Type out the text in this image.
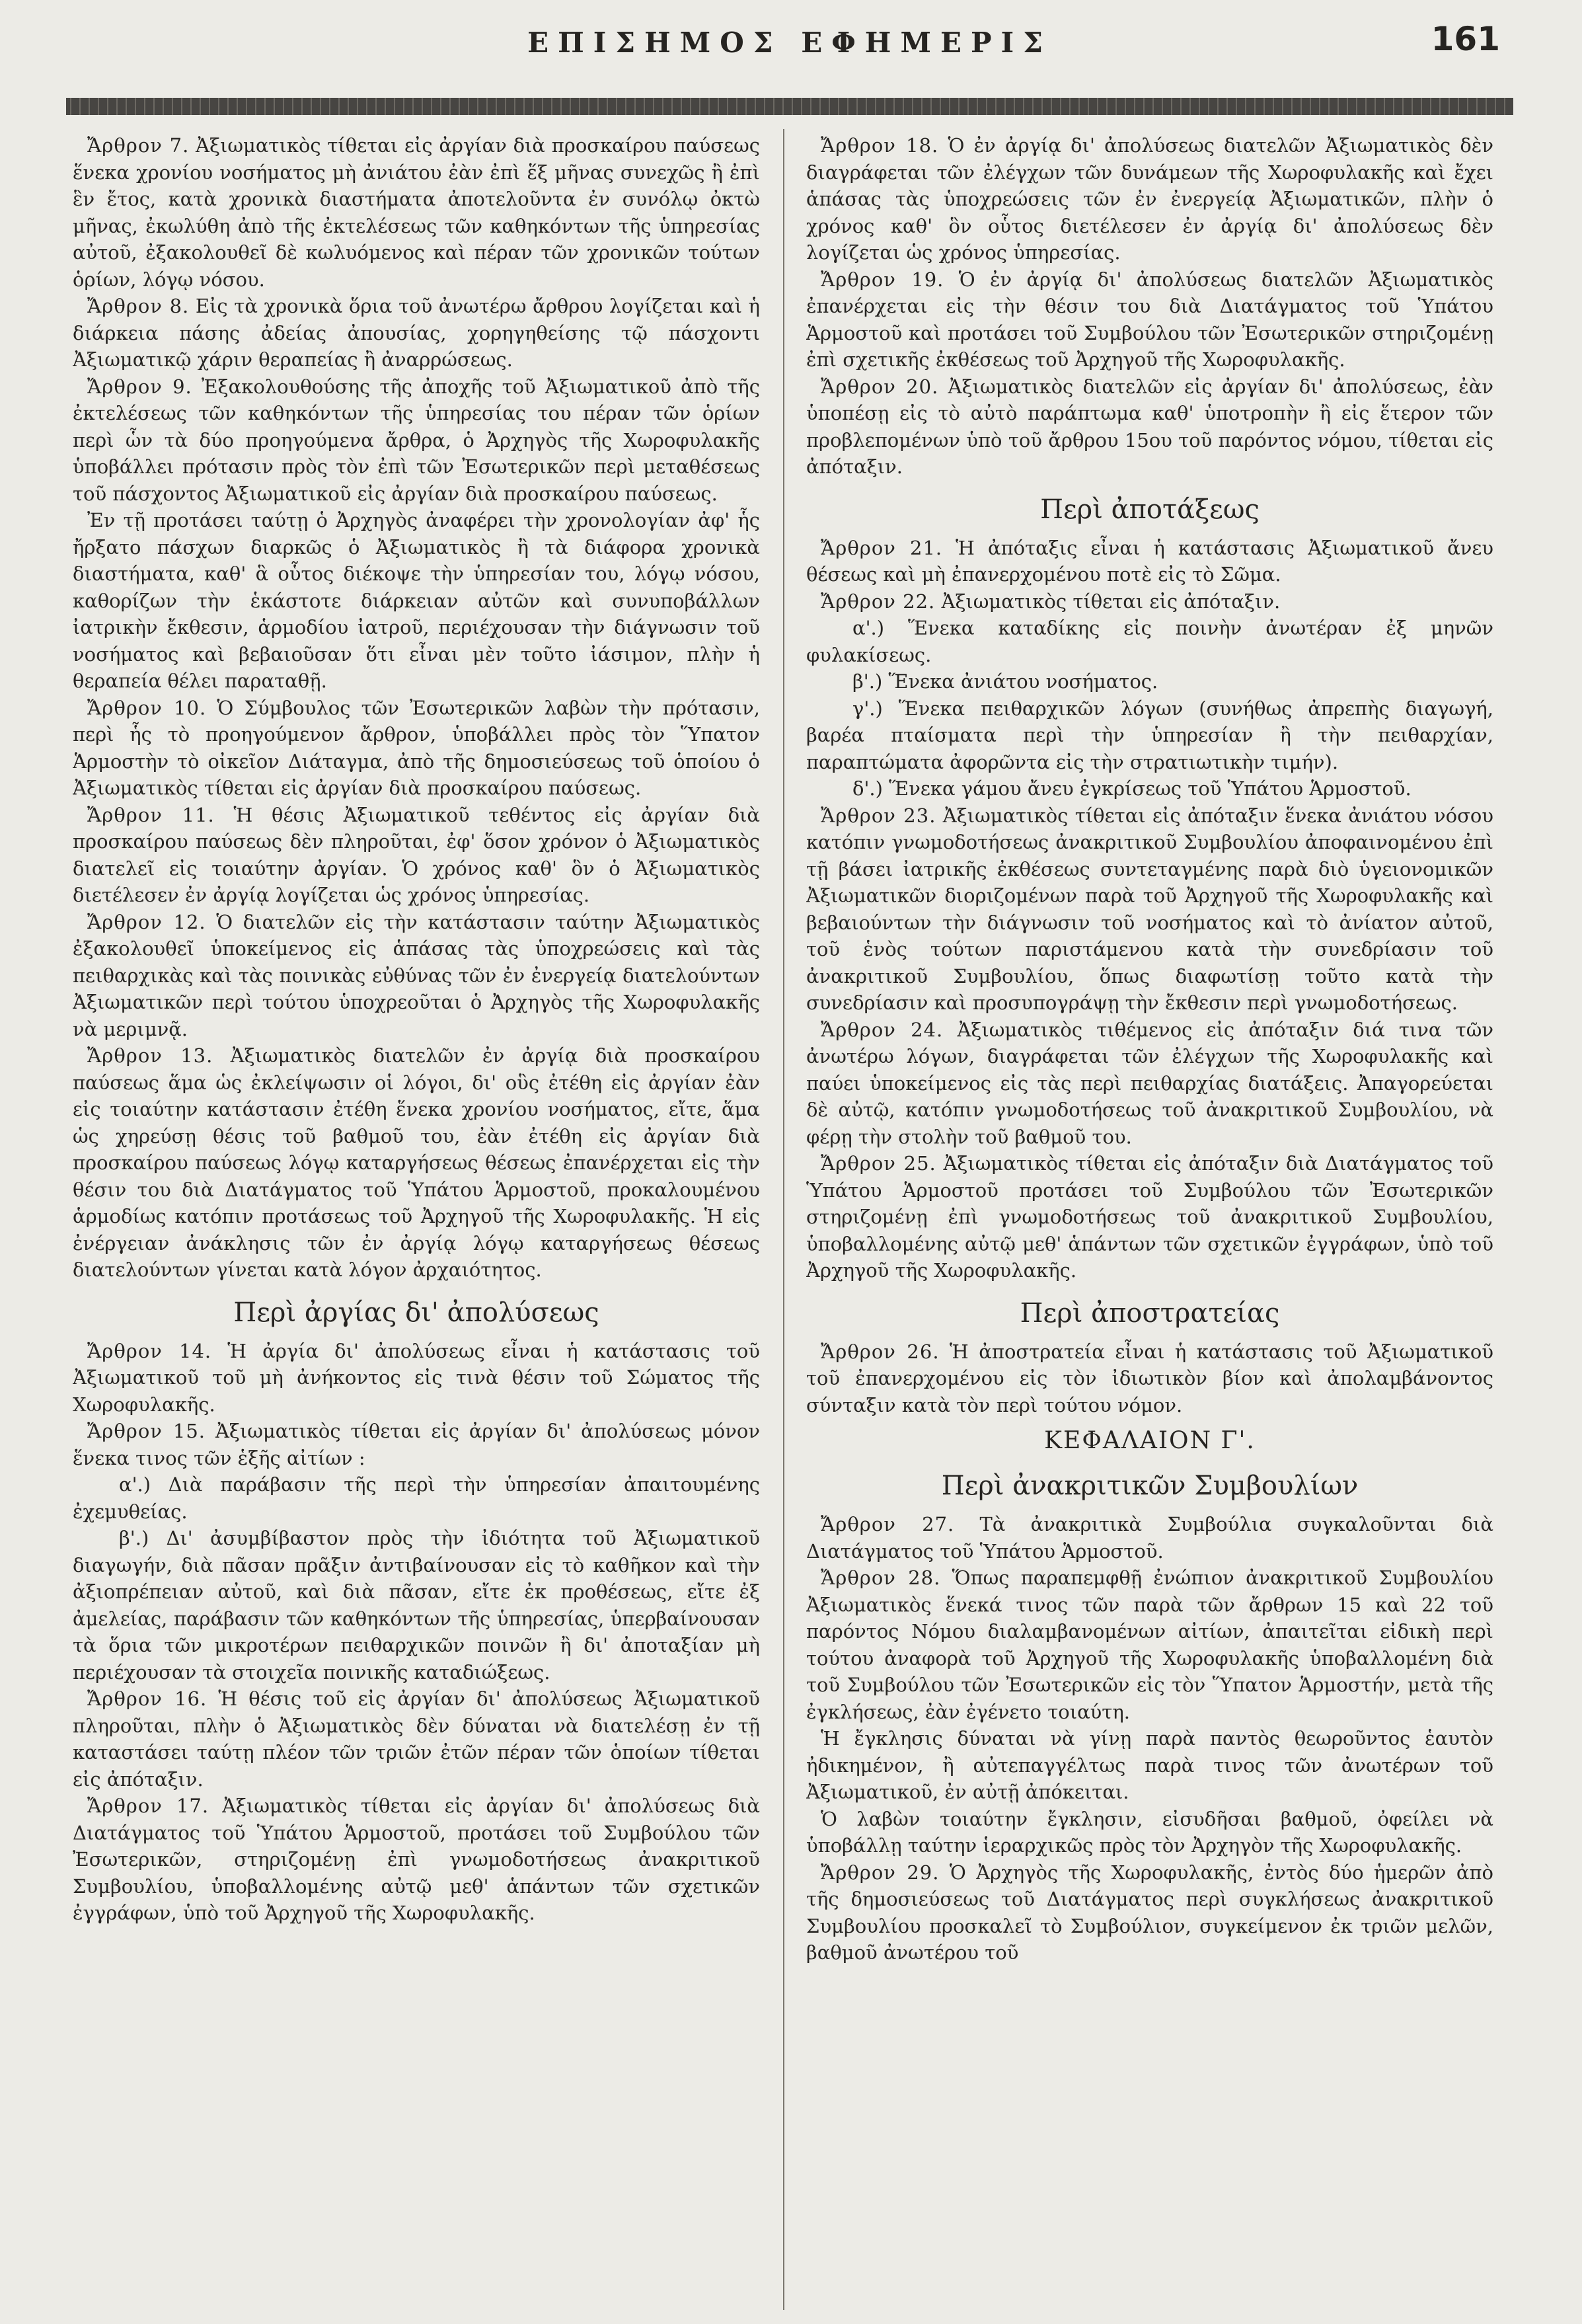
ΕΠΙΣΗΜΟΣ ΕΦΗΜΕΡΙΣ	161

Ἄρθρον 7. Ἀξιωματικὸς τίθεται εἰς ἀργίαν διὰ προσκαίρου παύσεως ἕνεκα χρονίου νοσήματος μὴ ἀνιάτου ἐὰν ἐπὶ ἕξ μῆνας συνεχῶς ἢ ἐπὶ ἓν ἔτος, κατὰ χρονικὰ διαστήματα ἀποτελοῦντα ἐν συνόλῳ ὀκτὼ μῆνας, ἐκωλύθη ἀπὸ τῆς ἐκτελέσεως τῶν καθηκόντων τῆς ὑπηρεσίας αὐτοῦ, ἐξακολουθεῖ δὲ κωλυόμενος καὶ πέραν τῶν χρονικῶν τούτων ὁρίων, λόγῳ νόσου.

Ἄρθρον 8. Εἰς τὰ χρονικὰ ὅρια τοῦ ἀνωτέρω ἄρθρου λογίζεται καὶ ἡ διάρκεια πάσης ἀδείας ἀπουσίας, χορηγηθείσης τῷ πάσχοντι Ἀξιωματικῷ χάριν θεραπείας ἢ ἀναρρώσεως.

Ἄρθρον 9. Ἐξακολουθούσης τῆς ἀποχῆς τοῦ Ἀξιωματικοῦ ἀπὸ τῆς ἐκτελέσεως τῶν καθηκόντων τῆς ὑπηρεσίας του πέραν τῶν ὁρίων περὶ ὧν τὰ δύο προηγούμενα ἄρθρα, ὁ Ἀρχηγὸς τῆς Χωροφυλακῆς ὑποβάλλει πρότασιν πρὸς τὸν ἐπὶ τῶν Ἐσωτερικῶν περὶ μεταθέσεως τοῦ πάσχοντος Ἀξιωματικοῦ εἰς ἀργίαν διὰ προσκαίρου παύσεως.

Ἐν τῇ προτάσει ταύτῃ ὁ Ἀρχηγὸς ἀναφέρει τὴν χρονολογίαν ἀφ' ἧς ἤρξατο πάσχων διαρκῶς ὁ Ἀξιωματικὸς ἢ τὰ διάφορα χρονικὰ διαστήματα, καθ' ἃ οὗτος διέκοψε τὴν ὑπηρεσίαν του, λόγῳ νόσου, καθορίζων τὴν ἑκάστοτε διάρκειαν αὐτῶν καὶ συνυποβάλλων ἰατρικὴν ἔκθεσιν, ἁρμοδίου ἰατροῦ, περιέχουσαν τὴν διάγνωσιν τοῦ νοσήματος καὶ βεβαιοῦσαν ὅτι εἶναι μὲν τοῦτο ἰάσιμον, πλὴν ἡ θεραπεία θέλει παραταθῇ.

Ἄρθρον 10. Ὁ Σύμβουλος τῶν Ἐσωτερικῶν λαβὼν τὴν πρότασιν, περὶ ἧς τὸ προηγούμενον ἄρθρον, ὑποβάλλει πρὸς τὸν Ὕπατον Ἁρμοστὴν τὸ οἰκεῖον Διάταγμα, ἀπὸ τῆς δημοσιεύσεως τοῦ ὁποίου ὁ Ἀξιωματικὸς τίθεται εἰς ἀργίαν διὰ προσκαίρου παύσεως.

Ἄρθρον 11. Ἡ θέσις Ἀξιωματικοῦ τεθέντος εἰς ἀργίαν διὰ προσκαίρου παύσεως δὲν πληροῦται, ἐφ' ὅσον χρόνον ὁ Ἀξιωματικὸς διατελεῖ εἰς τοιαύτην ἀργίαν. Ὁ χρόνος καθ' ὃν ὁ Ἀξιωματικὸς διετέλεσεν ἐν ἀργίᾳ λογίζεται ὡς χρόνος ὑπηρεσίας.

Ἄρθρον 12. Ὁ διατελῶν εἰς τὴν κατάστασιν ταύτην Ἀξιωματικὸς ἐξακολουθεῖ ὑποκείμενος εἰς ἁπάσας τὰς ὑποχρεώσεις καὶ τὰς πειθαρχικὰς καὶ τὰς ποινικὰς εὐθύνας τῶν ἐν ἐνεργείᾳ διατελούντων Ἀξιωματικῶν περὶ τούτου ὑποχρεοῦται ὁ Ἀρχηγὸς τῆς Χωροφυλακῆς νὰ μεριμνᾷ.

Ἄρθρον 13. Ἀξιωματικὸς διατελῶν ἐν ἀργίᾳ διὰ προσκαίρου παύσεως ἅμα ὡς ἐκλείψωσιν οἱ λόγοι, δι' οὓς ἐτέθη εἰς ἀργίαν ἐὰν εἰς τοιαύτην κατάστασιν ἐτέθη ἕνεκα χρονίου νοσήματος, εἴτε, ἅμα ὡς χηρεύσῃ θέσις τοῦ βαθμοῦ του, ἐὰν ἐτέθη εἰς ἀργίαν διὰ προσκαίρου παύσεως λόγῳ καταργήσεως θέσεως ἐπανέρχεται εἰς τὴν θέσιν του διὰ Διατάγματος τοῦ Ὑπάτου Ἁρμοστοῦ, προκαλουμένου ἁρμοδίως κατόπιν προτάσεως τοῦ Ἀρχηγοῦ τῆς Χωροφυλακῆς. Ἡ εἰς ἐνέργειαν ἀνάκλησις τῶν ἐν ἀργίᾳ λόγῳ καταργήσεως θέσεως διατελούντων γίνεται κατὰ λόγον ἀρχαιότητος.

Περὶ ἀργίας δι' ἀπολύσεως

Ἄρθρον 14. Ἡ ἀργία δι' ἀπολύσεως εἶναι ἡ κατάστασις τοῦ Ἀξιωματικοῦ τοῦ μὴ ἀνήκοντος εἰς τινὰ θέσιν τοῦ Σώματος τῆς Χωροφυλακῆς.

Ἄρθρον 15. Ἀξιωματικὸς τίθεται εἰς ἀργίαν δι' ἀπολύσεως μόνον ἕνεκα τινος τῶν ἑξῆς αἰτίων :

α'.) Διὰ παράβασιν τῆς περὶ τὴν ὑπηρεσίαν ἀπαιτουμένης ἐχεμυθείας.

β'.) Δι' ἀσυμβίβαστον πρὸς τὴν ἰδιότητα τοῦ Ἀξιωματικοῦ διαγωγήν, διὰ πᾶσαν πρᾶξιν ἀντιβαίνουσαν εἰς τὸ καθῆκον καὶ τὴν ἀξιοπρέπειαν αὐτοῦ, καὶ διὰ πᾶσαν, εἴτε ἐκ προθέσεως, εἴτε ἐξ ἀμελείας, παράβασιν τῶν καθηκόντων τῆς ὑπηρεσίας, ὑπερβαίνουσαν τὰ ὅρια τῶν μικροτέρων πειθαρχικῶν ποινῶν ἢ δι' ἀποταξίαν μὴ περιέχουσαν τὰ στοιχεῖα ποινικῆς καταδιώξεως.

Ἄρθρον 16. Ἡ θέσις τοῦ εἰς ἀργίαν δι' ἀπολύσεως Ἀξιωματικοῦ πληροῦται, πλὴν ὁ Ἀξιωματικὸς δὲν δύναται νὰ διατελέσῃ ἐν τῇ καταστάσει ταύτῃ πλέον τῶν τριῶν ἐτῶν πέραν τῶν ὁποίων τίθεται εἰς ἀπόταξιν.

Ἄρθρον 17. Ἀξιωματικὸς τίθεται εἰς ἀργίαν δι' ἀπολύσεως διὰ Διατάγματος τοῦ Ὑπάτου Ἁρμοστοῦ, προτάσει τοῦ Συμβούλου τῶν Ἐσωτερικῶν, στηριζομένῃ ἐπὶ γνωμοδοτήσεως ἀνακριτικοῦ Συμβουλίου, ὑποβαλλομένης αὐτῷ μεθ' ἁπάντων τῶν σχετικῶν ἐγγράφων, ὑπὸ τοῦ Ἀρχηγοῦ τῆς Χωροφυλακῆς.

Ἄρθρον 18. Ὁ ἐν ἀργίᾳ δι' ἀπολύσεως διατελῶν Ἀξιωματικὸς δὲν διαγράφεται τῶν ἐλέγχων τῶν δυνάμεων τῆς Χωροφυλακῆς καὶ ἔχει ἁπάσας τὰς ὑποχρεώσεις τῶν ἐν ἐνεργείᾳ Ἀξιωματικῶν, πλὴν ὁ χρόνος καθ' ὃν οὗτος διετέλεσεν ἐν ἀργίᾳ δι' ἀπολύσεως δὲν λογίζεται ὡς χρόνος ὑπηρεσίας.

Ἄρθρον 19. Ὁ ἐν ἀργίᾳ δι' ἀπολύσεως διατελῶν Ἀξιωματικὸς ἐπανέρχεται εἰς τὴν θέσιν του διὰ Διατάγματος τοῦ Ὑπάτου Ἁρμοστοῦ καὶ προτάσει τοῦ Συμβούλου τῶν Ἐσωτερικῶν στηριζομένῃ ἐπὶ σχετικῆς ἐκθέσεως τοῦ Ἀρχηγοῦ τῆς Χωροφυλακῆς.

Ἄρθρον 20. Ἀξιωματικὸς διατελῶν εἰς ἀργίαν δι' ἀπολύσεως, ἐὰν ὑποπέσῃ εἰς τὸ αὐτὸ παράπτωμα καθ' ὑποτροπὴν ἢ εἰς ἕτερον τῶν προβλεπομένων ὑπὸ τοῦ ἄρθρου 15ου τοῦ παρόντος νόμου, τίθεται εἰς ἀπόταξιν.

Περὶ ἀποτάξεως

Ἄρθρον 21. Ἡ ἀπόταξις εἶναι ἡ κατάστασις Ἀξιωματικοῦ ἄνευ θέσεως καὶ μὴ ἐπανερχομένου ποτὲ εἰς τὸ Σῶμα.

Ἄρθρον 22. Ἀξιωματικὸς τίθεται εἰς ἀπόταξιν.

α'.) Ἕνεκα καταδίκης εἰς ποινὴν ἀνωτέραν ἐξ μηνῶν φυλακίσεως.

β'.) Ἕνεκα ἀνιάτου νοσήματος.

γ'.) Ἕνεκα πειθαρχικῶν λόγων (συνήθως ἀπρεπὴς διαγωγή, βαρέα πταίσματα περὶ τὴν ὑπηρεσίαν ἢ τὴν πειθαρχίαν, παραπτώματα ἀφορῶντα εἰς τὴν στρατιωτικὴν τιμήν).

δ'.) Ἕνεκα γάμου ἄνευ ἐγκρίσεως τοῦ Ὑπάτου Ἁρμοστοῦ.

Ἄρθρον 23. Ἀξιωματικὸς τίθεται εἰς ἀπόταξιν ἕνεκα ἀνιάτου νόσου κατόπιν γνωμοδοτήσεως ἀνακριτικοῦ Συμβουλίου ἀποφαινομένου ἐπὶ τῇ βάσει ἰατρικῆς ἐκθέσεως συντεταγμένης παρὰ διὸ ὑγειονομικῶν Ἀξιωματικῶν διοριζομένων παρὰ τοῦ Ἀρχηγοῦ τῆς Χωροφυλακῆς καὶ βεβαιούντων τὴν διάγνωσιν τοῦ νοσήματος καὶ τὸ ἀνίατον αὐτοῦ, τοῦ ἑνὸς τούτων παριστάμενου κατὰ τὴν συνεδρίασιν τοῦ ἀνακριτικοῦ Συμβουλίου, ὅπως διαφωτίσῃ τοῦτο κατὰ τὴν συνεδρίασιν καὶ προσυπογράψῃ τὴν ἔκθεσιν περὶ γνωμοδοτήσεως.

Ἄρθρον 24. Ἀξιωματικὸς τιθέμενος εἰς ἀπόταξιν διά τινα τῶν ἀνωτέρω λόγων, διαγράφεται τῶν ἐλέγχων τῆς Χωροφυλακῆς καὶ παύει ὑποκείμενος εἰς τὰς περὶ πειθαρχίας διατάξεις. Ἀπαγορεύεται δὲ αὐτῷ, κατόπιν γνωμοδοτήσεως τοῦ ἀνακριτικοῦ Συμβουλίου, νὰ φέρῃ τὴν στολὴν τοῦ βαθμοῦ του.

Ἄρθρον 25. Ἀξιωματικὸς τίθεται εἰς ἀπόταξιν διὰ Διατάγματος τοῦ Ὑπάτου Ἁρμοστοῦ προτάσει τοῦ Συμβούλου τῶν Ἐσωτερικῶν στηριζομένῃ ἐπὶ γνωμοδοτήσεως τοῦ ἀνακριτικοῦ Συμβουλίου, ὑποβαλλομένης αὐτῷ μεθ' ἁπάντων τῶν σχετικῶν ἐγγράφων, ὑπὸ τοῦ Ἀρχηγοῦ τῆς Χωροφυλακῆς.

Περὶ ἀποστρατείας

Ἄρθρον 26. Ἡ ἀποστρατεία εἶναι ἡ κατάστασις τοῦ Ἀξιωματικοῦ τοῦ ἐπανερχομένου εἰς τὸν ἰδιωτικὸν βίον καὶ ἀπολαμβάνοντος σύνταξιν κατὰ τὸν περὶ τούτου νόμον.

ΚΕΦΑΛΑΙΟΝ Γ'.
Περὶ ἀνακριτικῶν Συμβουλίων

Ἄρθρον 27. Τὰ ἀνακριτικὰ Συμβούλια συγκαλοῦνται διὰ Διατάγματος τοῦ Ὑπάτου Ἁρμοστοῦ.

Ἄρθρον 28. Ὅπως παραπεμφθῇ ἐνώπιον ἀνακριτικοῦ Συμβουλίου Ἀξιωματικὸς ἕνεκά τινος τῶν παρὰ τῶν ἄρθρων 15 καὶ 22 τοῦ παρόντος Νόμου διαλαμβανομένων αἰτίων, ἀπαιτεῖται εἰδικὴ περὶ τούτου ἀναφορὰ τοῦ Ἀρχηγοῦ τῆς Χωροφυλακῆς ὑποβαλλομένη διὰ τοῦ Συμβούλου τῶν Ἐσωτερικῶν εἰς τὸν Ὕπατον Ἁρμοστήν, μετὰ τῆς ἐγκλήσεως, ἐὰν ἐγένετο τοιαύτη.

Ἡ ἔγκλησις δύναται νὰ γίνῃ παρὰ παντὸς θεωροῦντος ἑαυτὸν ἠδικημένον, ἢ αὐτεπαγγέλτως παρὰ τινος τῶν ἀνωτέρων τοῦ Ἀξιωματικοῦ, ἐν αὐτῇ ἀπόκειται.

Ὁ λαβὼν τοιαύτην ἔγκλησιν, εἰσυδῆσαι βαθμοῦ, ὀφείλει νὰ ὑποβάλλῃ ταύτην ἱεραρχικῶς πρὸς τὸν Ἀρχηγὸν τῆς Χωροφυλακῆς.

Ἄρθρον 29. Ὁ Ἀρχηγὸς τῆς Χωροφυλακῆς, ἐντὸς δύο ἡμερῶν ἀπὸ τῆς δημοσιεύσεως τοῦ Διατάγματος περὶ συγκλήσεως ἀνακριτικοῦ Συμβουλίου προσκαλεῖ τὸ Συμβούλιον, συγκείμενον ἐκ τριῶν μελῶν, βαθμοῦ ἀνωτέρου τοῦ
